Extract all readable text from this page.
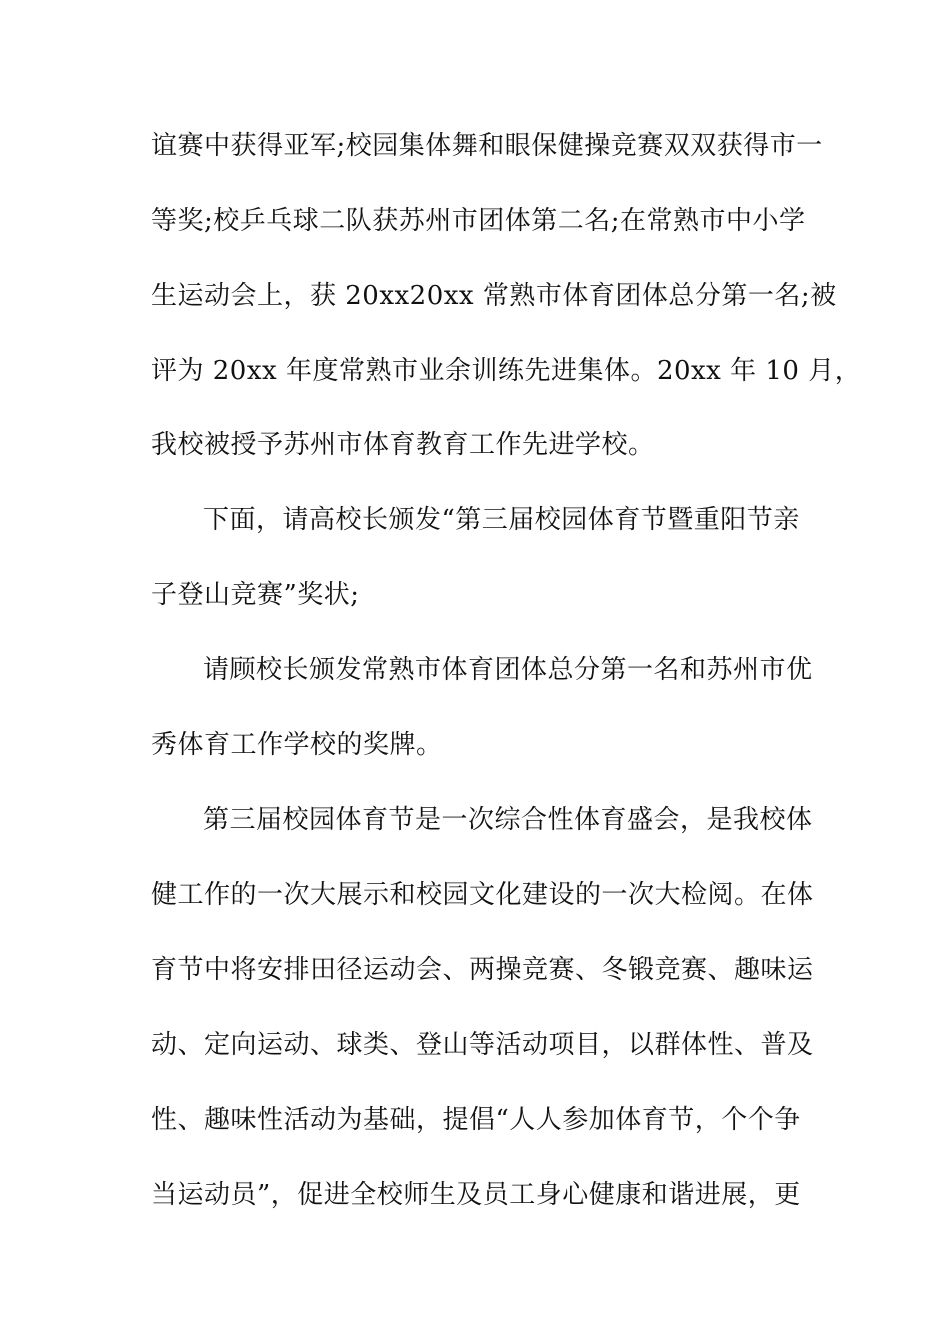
谊赛中获得亚军;校园集体舞和眼保健操竞赛双双获得市一
等奖;校乒乓球二队获苏州市团体第二名;在常熟市中小学
生运动会上，获 20xx20xx 常熟市体育团体总分第一名;被
评为 20xx 年度常熟市业余训练先进集体。20xx 年 10 月，
我校被授予苏州市体育教育工作先进学校。
下面，请高校长颁发“第三届校园体育节暨重阳节亲
子登山竞赛”奖状;
请顾校长颁发常熟市体育团体总分第一名和苏州市优
秀体育工作学校的奖牌。
第三届校园体育节是一次综合性体育盛会，是我校体
健工作的一次大展示和校园文化建设的一次大检阅。在体
育节中将安排田径运动会、两操竞赛、冬锻竞赛、趣味运
动、定向运动、球类、登山等活动项目，以群体性、普及
性、趣味性活动为基础，提倡“人人参加体育节，个个争
当运动员”，促进全校师生及员工身心健康和谐进展，更
